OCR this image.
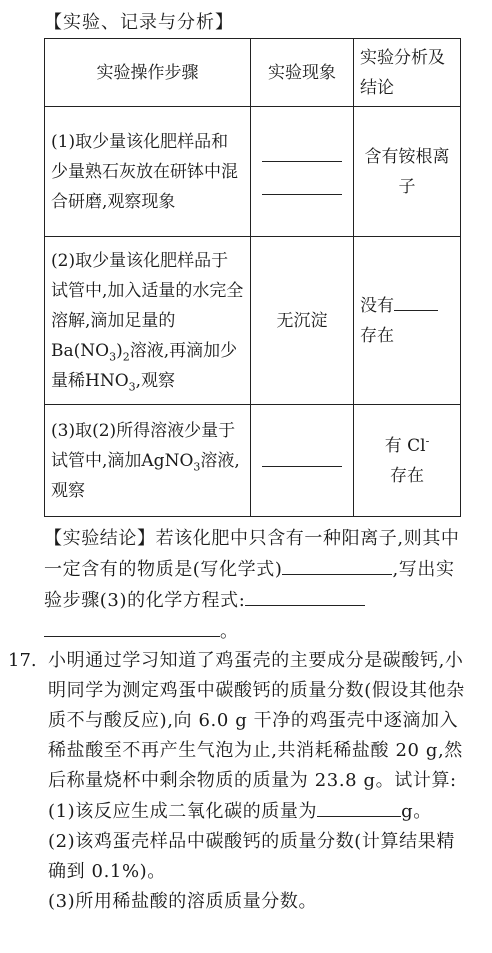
【实验、记录与分析】
实验操作步骤	实验现象	实验分析及结论
(1)取少量该化肥样品和少量熟石灰放在研钵中混合研磨,观察现象		含有铵根离子
(2)取少量该化肥样品于试管中,加入适量的水完全溶解,滴加足量的$Ba(NO_3)_2$溶液,再滴加少量稀$HNO_3$,观察	无沉淀	没有
存在
(3)取(2)所得溶液少量于试管中,滴加AgNO$_3$溶液,观察		有 Cl-
存在
【实验结论】若该化肥中只含有一种阳离子,则其中一定含有的物质是(写化学式)	,写出实验步骤(3)的化学方程式:
。
17. 小明通过学习知道了鸡蛋壳的主要成分是碳酸钙,小明同学为测定鸡蛋中碳酸钙的质量分数(假设其他杂质不与酸反应),向 6.0 g 干净的鸡蛋壳中逐滴加入稀盐酸至不再产生气泡为止,共消耗稀盐酸 20 g,然后称量烧杯中剩余物质的质量为 23.8 g。试计算:
(1)该反应生成二氧化碳的质量为	g。
(2)该鸡蛋壳样品中碳酸钙的质量分数(计算结果精确到 0.1%)。
(3)所用稀盐酸的溶质质量分数。
